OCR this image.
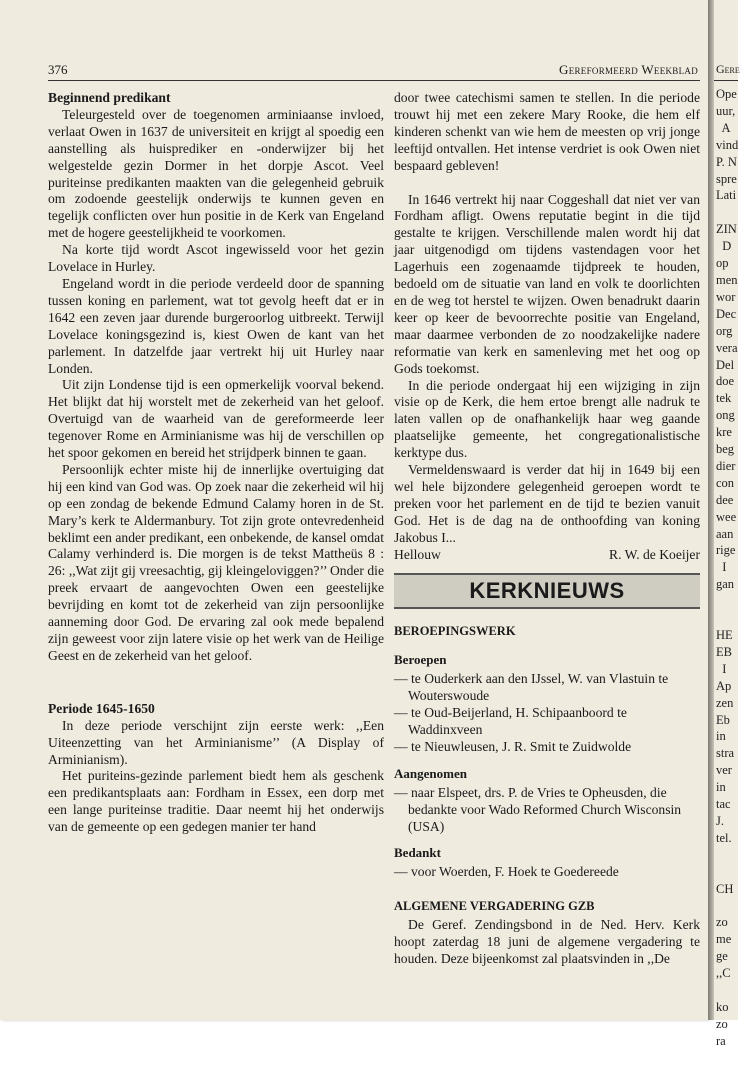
376	Gereformeerd Weekblad
Beginnend predikant

Teleurgesteld over de toegenomen arminiaanse invloed, verlaat Owen in 1637 de universiteit en krijgt al spoedig een aanstelling als huisprediker en -onderwijzer bij het welgestelde gezin Dormer in het dorpje Ascot. Veel puriteinse predikanten maakten van die gelegenheid gebruik om zodoende geestelijk onderwijs te kunnen geven en tegelijk conflicten over hun positie in de Kerk van Engeland met de hogere geestelijkheid te voorkomen.

Na korte tijd wordt Ascot ingewisseld voor het gezin Lovelace in Hurley.

Engeland wordt in die periode verdeeld door de spanning tussen koning en parlement, wat tot gevolg heeft dat er in 1642 een zeven jaar durende burgeroorlog uitbreekt. Terwijl Lovelace koningsgezind is, kiest Owen de kant van het parlement. In datzelfde jaar vertrekt hij uit Hurley naar Londen.

Uit zijn Londense tijd is een opmerkelijk voorval bekend. Het blijkt dat hij worstelt met de zekerheid van het geloof. Overtuigd van de waarheid van de gereformeerde leer tegenover Rome en Arminianisme was hij de verschillen op het spoor gekomen en bereid het strijdperk binnen te gaan.

Persoonlijk echter miste hij de innerlijke overtuiging dat hij een kind van God was. Op zoek naar die zekerheid wil hij op een zondag de bekende Edmund Calamy horen in de St. Mary’s kerk te Aldermanbury. Tot zijn grote ontevredenheid beklimt een ander predikant, een onbekende, de kansel omdat Calamy verhinderd is. Die morgen is de tekst Mattheüs 8 : 26: ,,Wat zijt gij vreesachtig, gij kleingeloviggen?’’ Onder die preek ervaart de aangevochten Owen een geestelijke bevrijding en komt tot de zekerheid van zijn persoonlijke aanneming door God. De ervaring zal ook mede bepalend zijn geweest voor zijn latere visie op het werk van de Heilige Geest en de zekerheid van het geloof.

Periode 1645-1650

In deze periode verschijnt zijn eerste werk: ,,Een Uiteenzetting van het Arminianisme’’ (A Display of Arminianism).

Het puriteins-gezinde parlement biedt hem als geschenk een predikantsplaats aan: Fordham in Essex, een dorp met een lange puriteinse traditie. Daar neemt hij het onderwijs van de gemeente op een gedegen manier ter hand

door twee catechismi samen te stellen. In die periode trouwt hij met een zekere Mary Rooke, die hem elf kinderen schenkt van wie hem de meesten op vrij jonge leeftijd ontvallen. Het intense verdriet is ook Owen niet bespaard gebleven!

In 1646 vertrekt hij naar Coggeshall dat niet ver van Fordham afligt. Owens reputatie begint in die tijd gestalte te krijgen. Verschillende malen wordt hij dat jaar uitgenodigd om tijdens vastendagen voor het Lagerhuis een zogenaamde tijdpreek te houden, bedoeld om de situatie van land en volk te doorlichten en de weg tot herstel te wijzen. Owen benadrukt daarin keer op keer de bevoorrechte positie van Engeland, maar daarmee verbonden de zo noodzakelijke nadere reformatie van kerk en samenleving met het oog op Gods toekomst.

In die periode ondergaat hij een wijziging in zijn visie op de Kerk, die hem ertoe brengt alle nadruk te laten vallen op de onafhankelijk haar weg gaande plaatselijke gemeente, het congregationalistische kerktype dus.

Vermeldenswaard is verder dat hij in 1649 bij een wel hele bijzondere gelegenheid geroepen wordt te preken voor het parlement en de tijd te bezien vanuit God. Het is de dag na de onthoofding van koning Jakobus I...

Hellouw	R. W. de Koeijer
KERKNIEUWS
BEROEPINGSWERK
Beroepen
— te Ouderkerk aan den IJssel, W. van Vlastuin te Wouterswoude
— te Oud-Beijerland, H. Schipaanboord te Waddinxveen
— te Nieuwleusen, J. R. Smit te Zuidwolde
Aangenomen
— naar Elspeet, drs. P. de Vries te Opheusden, die bedankte voor Wado Reformed Church Wisconsin (USA)
Bedankt
— voor Woerden, F. Hoek te Goedereede
ALGEMENE VERGADERING GZB

De Geref. Zendingsbond in de Ned. Herv. Kerk hoopt zaterdag 18 juni de algemene vergadering te houden. Deze bijeenkomst zal plaatsvinden in ,,De

Gere
Ope
uur,
A
vind
P. N
spre
Lati

ZIN
D
op
men
wor
Dec
org
vera
Del
doe
tek
ong
kre
beg
dier
con
dee
wee
aan
rige
I
gan

HE
EB
I
Ap
zen
Eb
in
stra
ver
in
tac
J.
tel.

CH

zo
me
ge
,,C

ko
zo
ra
